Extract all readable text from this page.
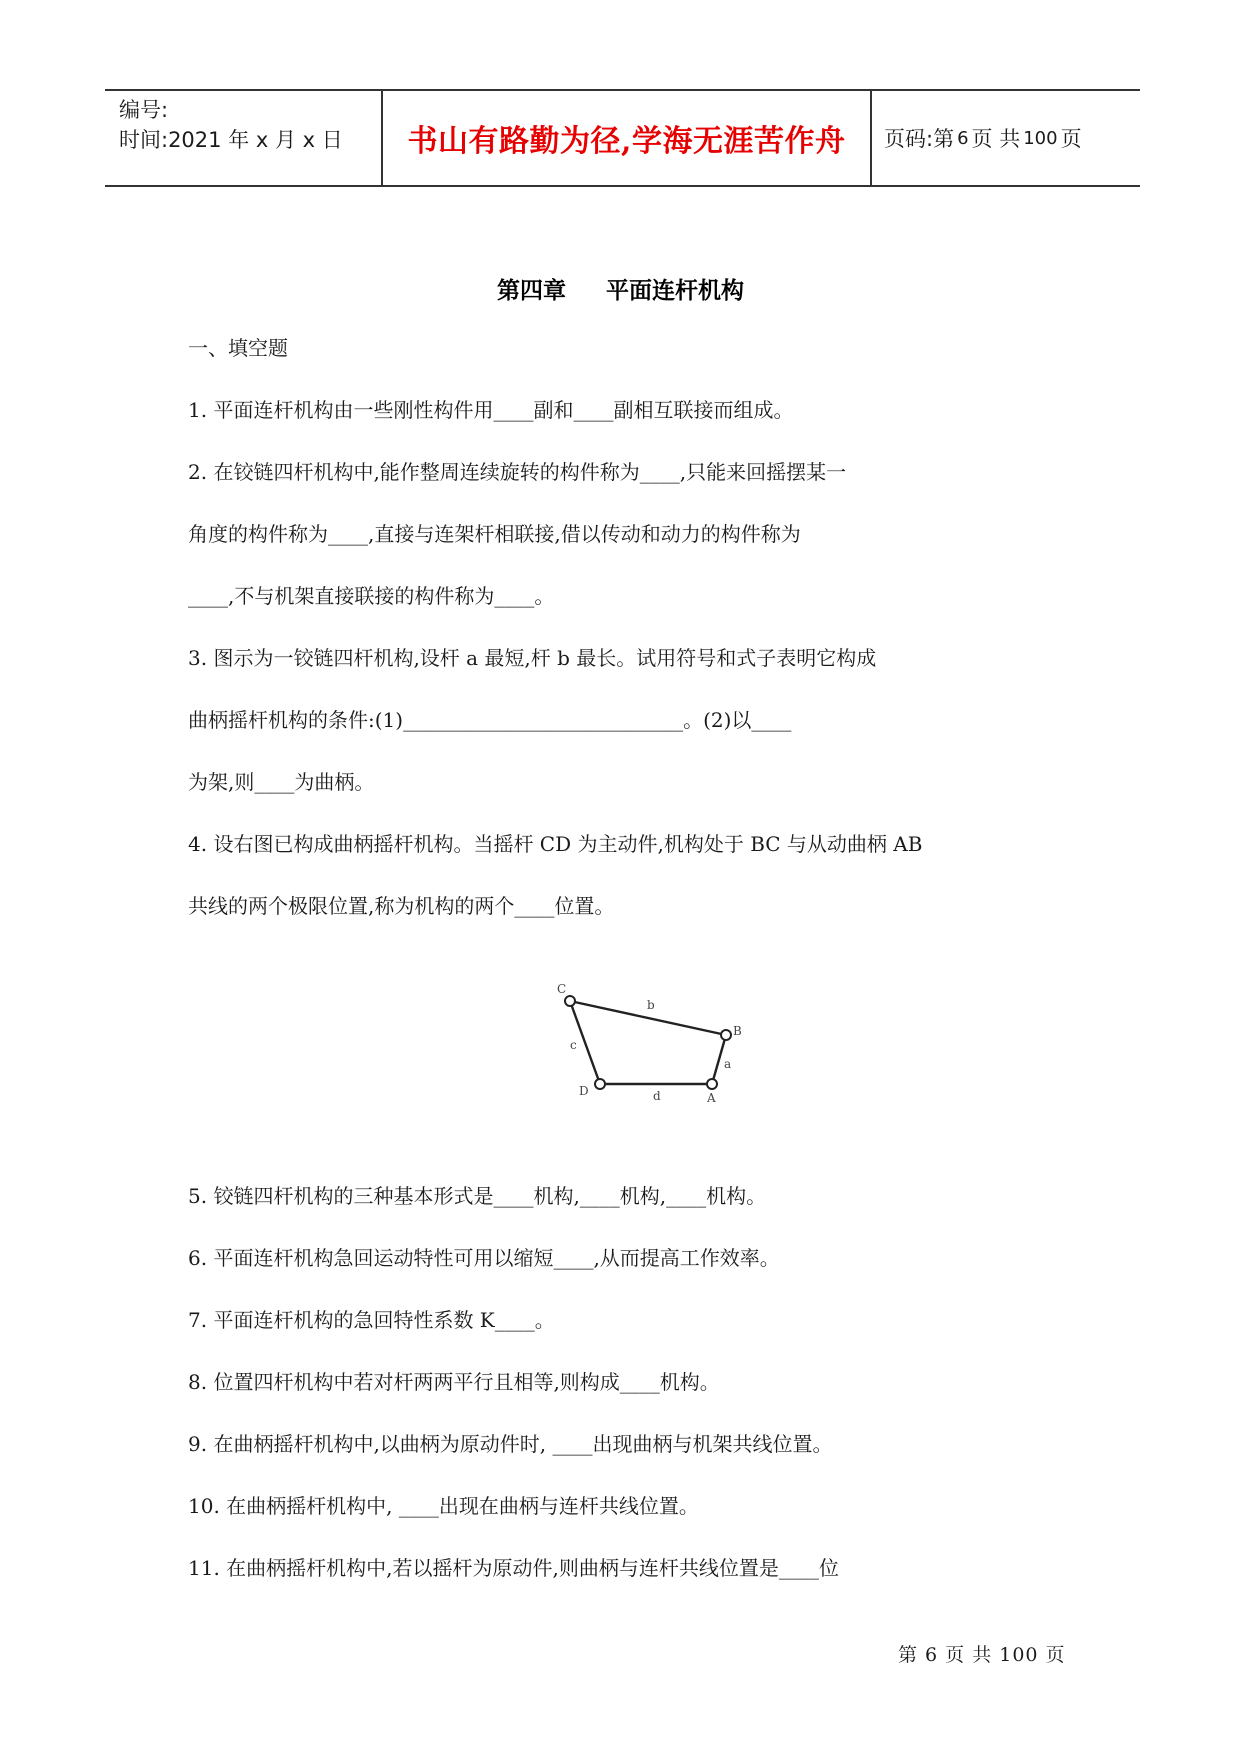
编号:
时间:2021 年 x 月 x 日	书山有路勤为径,学海无涯苦作舟	页码:第 6 页 共 100 页
第四章 平面连杆机构
一、填空题
1. 平面连杆机构由一些刚性构件用____副和____副相互联接而组成。
2. 在铰链四杆机构中,能作整周连续旋转的构件称为____,只能来回摇摆某一
角度的构件称为____,直接与连架杆相联接,借以传动和动力的构件称为
____,不与机架直接联接的构件称为____。
3. 图示为一铰链四杆机构,设杆 a 最短,杆 b 最长。试用符号和式子表明它构成
曲柄摇杆机构的条件:(1)____________________________。(2)以____
为架,则____为曲柄。
4. 设右图已构成曲柄摇杆机构。当摇杆 CD 为主动件,机构处于 BC 与从动曲柄 AB
共线的两个极限位置,称为机构的两个____位置。
C
B
D	A
a
b
c
d
5. 铰链四杆机构的三种基本形式是____机构,____机构,____机构。
6. 平面连杆机构急回运动特性可用以缩短____,从而提高工作效率。
7. 平面连杆机构的急回特性系数 K____。
8. 位置四杆机构中若对杆两两平行且相等,则构成____机构。
9. 在曲柄摇杆机构中,以曲柄为原动件时, ____出现曲柄与机架共线位置。
10. 在曲柄摇杆机构中, ____出现在曲柄与连杆共线位置。
11. 在曲柄摇杆机构中,若以摇杆为原动件,则曲柄与连杆共线位置是____位
第 6 页 共 100 页
